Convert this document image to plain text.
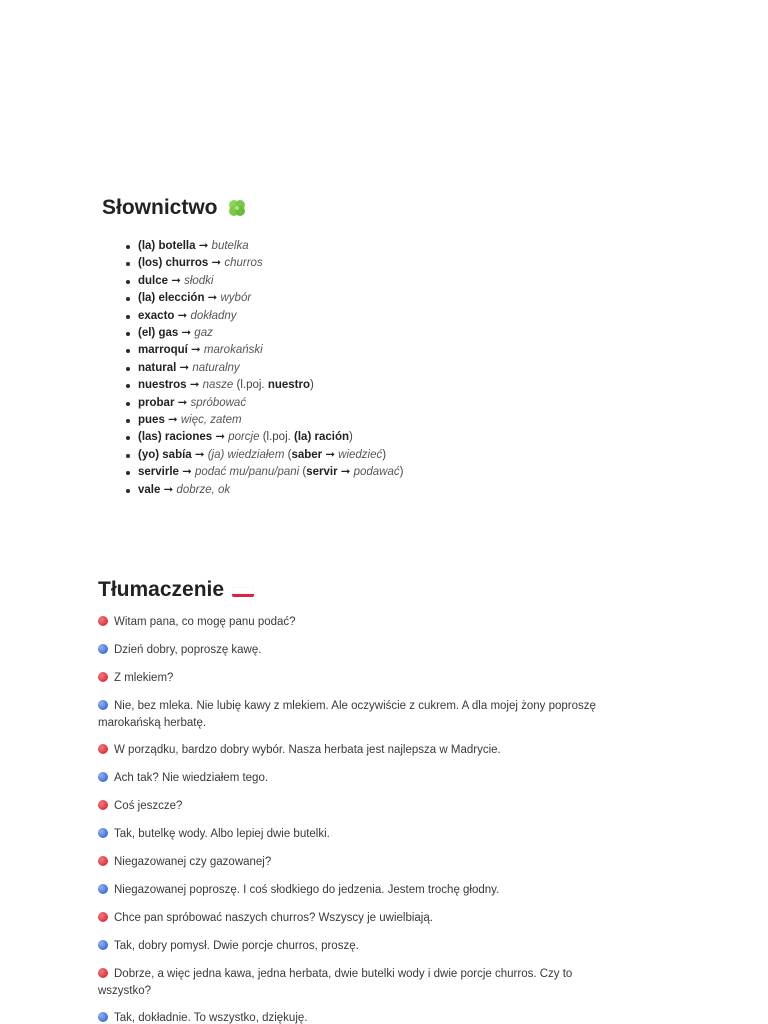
Słownictwo
(la) botella ➞ butelka
(los) churros ➞ churros
dulce ➞ słodki
(la) elección ➞ wybór
exacto ➞ dokładny
(el) gas ➞ gaz
marroquí ➞ marokański
natural ➞ naturalny
nuestros ➞ nasze (l.poj. nuestro)
probar ➞ spróbować
pues ➞ więc, zatem
(las) raciones ➞ porcje (l.poj. (la) ración)
(yo) sabía ➞ (ja) wiedziałem (saber ➞ wiedzieć)
servirle ➞ podać mu/panu/pani (servir ➞ podawać)
vale ➞ dobrze, ok
Tłumaczenie
Witam pana, co mogę panu podać?
Dzień dobry, poproszę kawę.
Z mlekiem?
Nie, bez mleka. Nie lubię kawy z mlekiem. Ale oczywiście z cukrem. A dla mojej żony poproszę marokańską herbatę.
W porządku, bardzo dobry wybór. Nasza herbata jest najlepsza w Madrycie.
Ach tak? Nie wiedziałem tego.
Coś jeszcze?
Tak, butelkę wody. Albo lepiej dwie butelki.
Niegazowanej czy gazowanej?
Niegazowanej poproszę. I coś słodkiego do jedzenia. Jestem trochę głodny.
Chce pan spróbować naszych churros? Wszyscy je uwielbiają.
Tak, dobry pomysł. Dwie porcje churros, proszę.
Dobrze, a więc jedna kawa, jedna herbata, dwie butelki wody i dwie porcje churros. Czy to wszystko?
Tak, dokładnie. To wszystko, dziękuję.
